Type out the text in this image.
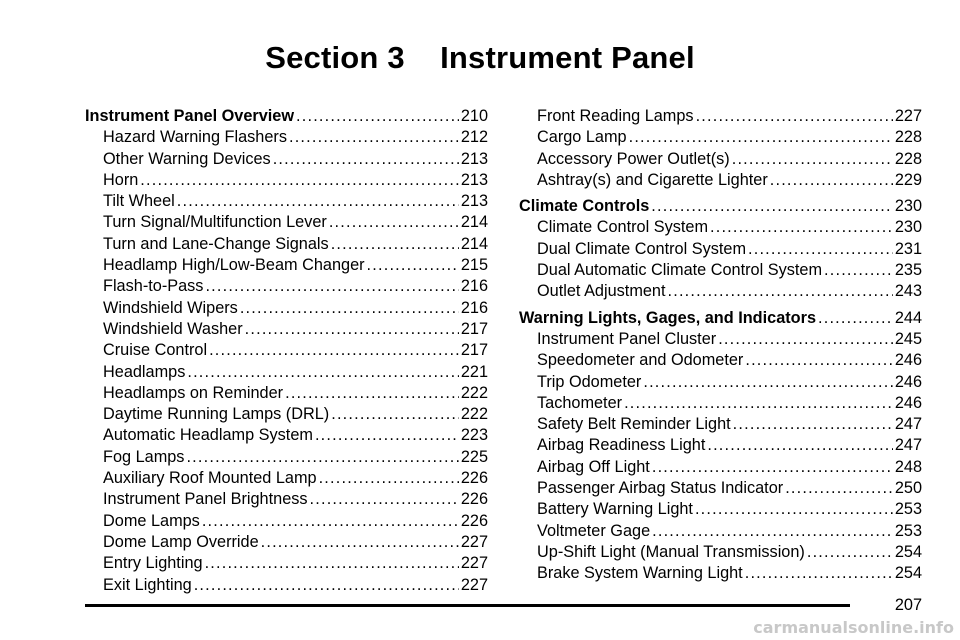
Section 3    Instrument Panel
Instrument Panel Overview .....	210
Hazard Warning Flashers .....	212
Other Warning Devices .....	213
Horn .....	213
Tilt Wheel .....	213
Turn Signal/Multifunction Lever .....	214
Turn and Lane-Change Signals .....	214
Headlamp High/Low-Beam Changer .....	215
Flash-to-Pass .....	216
Windshield Wipers .....	216
Windshield Washer .....	217
Cruise Control .....	217
Headlamps .....	221
Headlamps on Reminder .....	222
Daytime Running Lamps (DRL) .....	222
Automatic Headlamp System .....	223
Fog Lamps .....	225
Auxiliary Roof Mounted Lamp .....	226
Instrument Panel Brightness .....	226
Dome Lamps .....	226
Dome Lamp Override .....	227
Entry Lighting .....	227
Exit Lighting .....	227
Front Reading Lamps .....	227
Cargo Lamp .....	228
Accessory Power Outlet(s) .....	228
Ashtray(s) and Cigarette Lighter .....	229
Climate Controls .....	230
Climate Control System .....	230
Dual Climate Control System .....	231
Dual Automatic Climate Control System .....	235
Outlet Adjustment .....	243
Warning Lights, Gages, and Indicators .....	244
Instrument Panel Cluster .....	245
Speedometer and Odometer .....	246
Trip Odometer .....	246
Tachometer .....	246
Safety Belt Reminder Light .....	247
Airbag Readiness Light .....	247
Airbag Off Light .....	248
Passenger Airbag Status Indicator .....	250
Battery Warning Light .....	253
Voltmeter Gage .....	253
Up-Shift Light (Manual Transmission) .....	254
Brake System Warning Light .....	254
207
carmanualsonline.info
